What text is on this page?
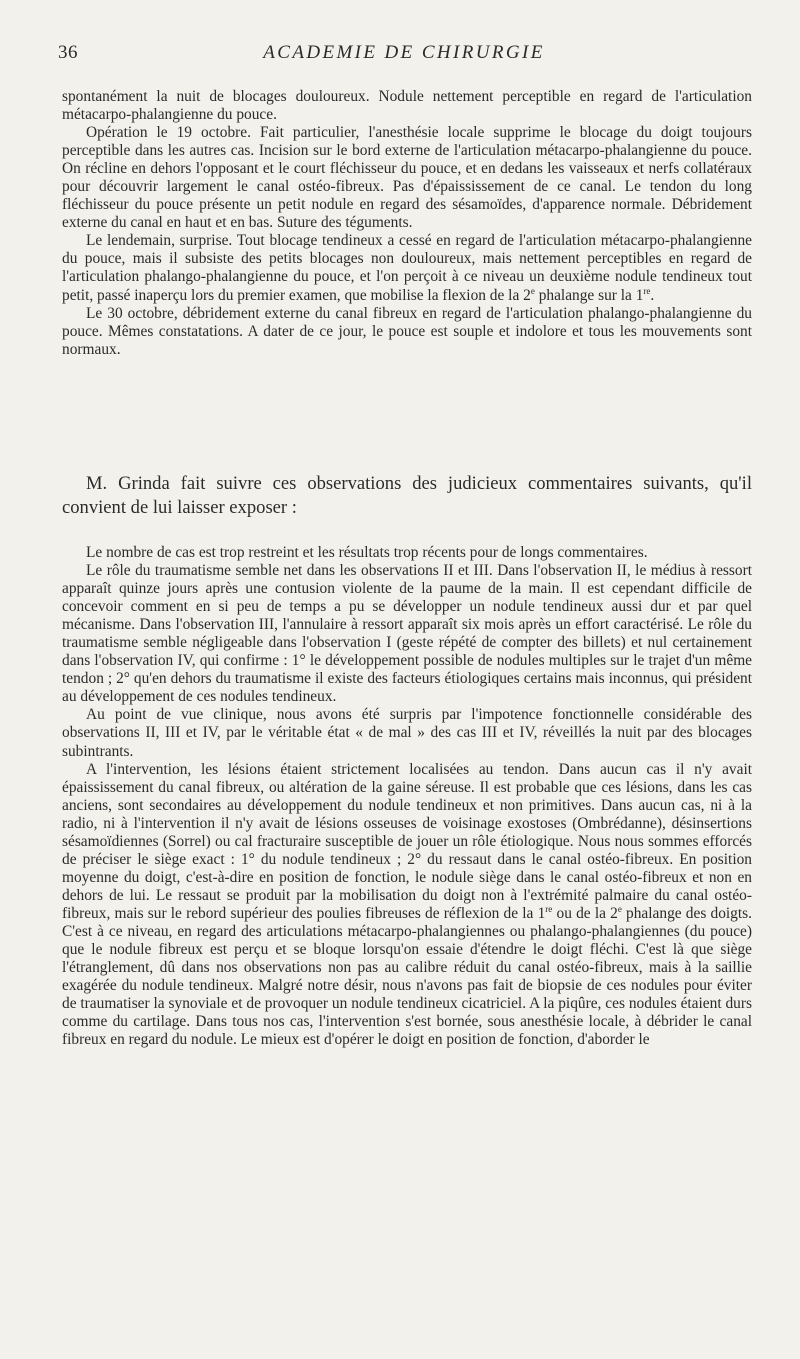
36	ACADEMIE DE CHIRURGIE

spontanément la nuit de blocages douloureux. Nodule nettement perceptible en regard de l'articulation métacarpo-phalangienne du pouce.

Opération le 19 octobre. Fait particulier, l'anesthésie locale supprime le blocage du doigt toujours perceptible dans les autres cas. Incision sur le bord externe de l'articulation métacarpo-phalangienne du pouce. On récline en dehors l'opposant et le court fléchisseur du pouce, et en dedans les vaisseaux et nerfs collatéraux pour découvrir largement le canal ostéo-fibreux. Pas d'épaississement de ce canal. Le tendon du long fléchisseur du pouce présente un petit nodule en regard des sésamoïdes, d'apparence normale. Débridement externe du canal en haut et en bas. Suture des téguments.

Le lendemain, surprise. Tout blocage tendineux a cessé en regard de l'articulation métacarpo-phalangienne du pouce, mais il subsiste des petits blocages non douloureux, mais nettement perceptibles en regard de l'articulation phalango-phalangienne du pouce, et l'on perçoit à ce niveau un deuxième nodule tendineux tout petit, passé inaperçu lors du premier examen, que mobilise la flexion de la 2e phalange sur la 1re.

Le 30 octobre, débridement externe du canal fibreux en regard de l'articulation phalango-phalangienne du pouce. Mêmes constatations. A dater de ce jour, le pouce est souple et indolore et tous les mouvements sont normaux.

M. Grinda fait suivre ces observations des judicieux commentaires suivants, qu'il convient de lui laisser exposer :

Le nombre de cas est trop restreint et les résultats trop récents pour de longs commentaires.

Le rôle du traumatisme semble net dans les observations II et III. Dans l'observation II, le médius à ressort apparaît quinze jours après une contusion violente de la paume de la main. Il est cependant difficile de concevoir comment en si peu de temps a pu se développer un nodule tendineux aussi dur et par quel mécanisme. Dans l'observation III, l'annulaire à ressort apparaît six mois après un effort caractérisé. Le rôle du traumatisme semble négligeable dans l'observation I (geste répété de compter des billets) et nul certainement dans l'observation IV, qui confirme : 1° le développement possible de nodules multiples sur le trajet d'un même tendon ; 2° qu'en dehors du traumatisme il existe des facteurs étiologiques certains mais inconnus, qui président au développement de ces nodules tendineux.

Au point de vue clinique, nous avons été surpris par l'impotence fonctionnelle considérable des observations II, III et IV, par le véritable état « de mal » des cas III et IV, réveillés la nuit par des blocages subintrants.

A l'intervention, les lésions étaient strictement localisées au tendon. Dans aucun cas il n'y avait épaississement du canal fibreux, ou altération de la gaine séreuse. Il est probable que ces lésions, dans les cas anciens, sont secondaires au développement du nodule tendineux et non primitives. Dans aucun cas, ni à la radio, ni à l'intervention il n'y avait de lésions osseuses de voisinage exostoses (Ombrédanne), désinsertions sésamoïdiennes (Sorrel) ou cal fracturaire susceptible de jouer un rôle étiologique. Nous nous sommes efforcés de préciser le siège exact : 1° du nodule tendineux ; 2° du ressaut dans le canal ostéo-fibreux. En position moyenne du doigt, c'est-à-dire en position de fonction, le nodule siège dans le canal ostéo-fibreux et non en dehors de lui. Le ressaut se produit par la mobilisation du doigt non à l'extrémité palmaire du canal ostéo-fibreux, mais sur le rebord supérieur des poulies fibreuses de réflexion de la 1re ou de la 2e phalange des doigts. C'est à ce niveau, en regard des articulations métacarpo-phalangiennes ou phalango-phalangiennes (du pouce) que le nodule fibreux est perçu et se bloque lorsqu'on essaie d'étendre le doigt fléchi. C'est là que siège l'étranglement, dû dans nos observations non pas au calibre réduit du canal ostéo-fibreux, mais à la saillie exagérée du nodule tendineux. Malgré notre désir, nous n'avons pas fait de biopsie de ces nodules pour éviter de traumatiser la synoviale et de provoquer un nodule tendineux cicatriciel. A la piqûre, ces nodules étaient durs comme du cartilage. Dans tous nos cas, l'intervention s'est bornée, sous anesthésie locale, à débrider le canal fibreux en regard du nodule. Le mieux est d'opérer le doigt en position de fonction, d'aborder le
